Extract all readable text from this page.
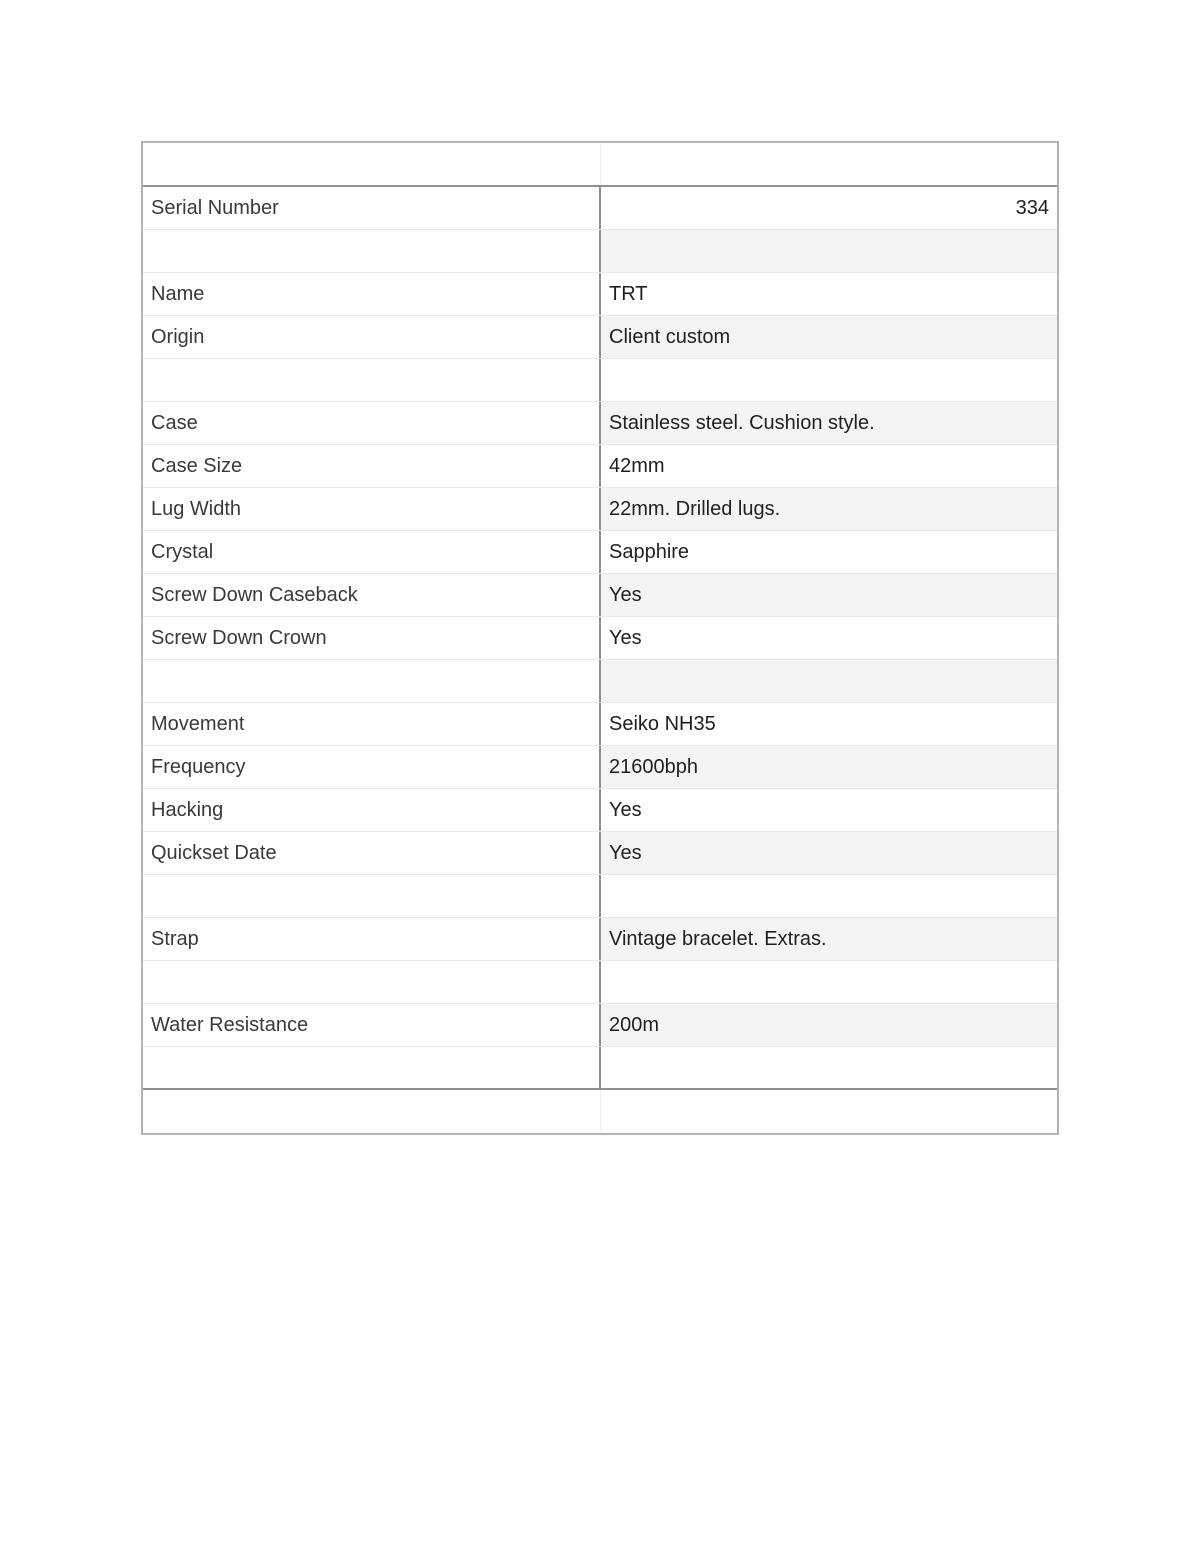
Serial Number	334
Name	TRT
Origin	Client custom
Case	Stainless steel. Cushion style.
Case Size	42mm
Lug Width	22mm. Drilled lugs.
Crystal	Sapphire
Screw Down Caseback	Yes
Screw Down Crown	Yes
Movement	Seiko NH35
Frequency	21600bph
Hacking	Yes
Quickset Date	Yes
Strap	Vintage bracelet. Extras.
Water Resistance	200m
